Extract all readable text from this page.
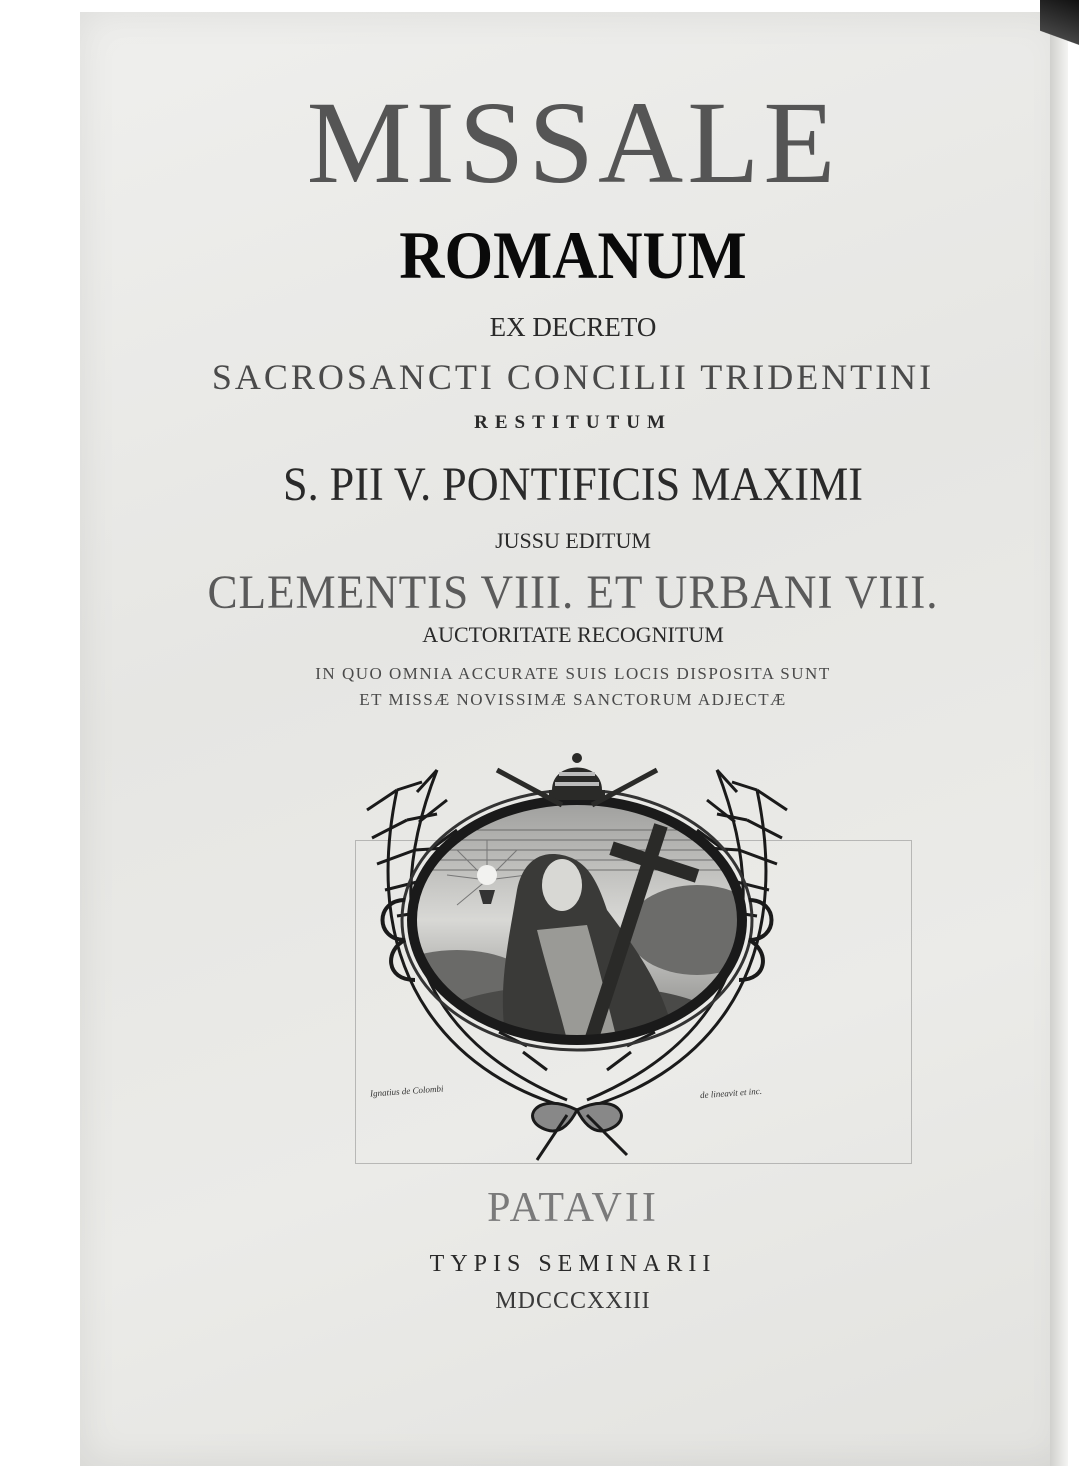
MISSALE
ROMANUM
EX DECRETO
SACROSANCTI CONCILII TRIDENTINI
RESTITUTUM
S. PII V. PONTIFICIS MAXIMI
JUSSU EDITUM
CLEMENTIS VIII. ET URBANI VIII.
AUCTORITATE RECOGNITUM
IN QUO OMNIA ACCURATE SUIS LOCIS DISPOSITA SUNT
ET MISSÆ NOVISSIMÆ SANCTORUM ADJECTÆ
Ignatius de Colombi	de lineavit et inc.
PATAVII
TYPIS SEMINARII
MDCCCXXIII
